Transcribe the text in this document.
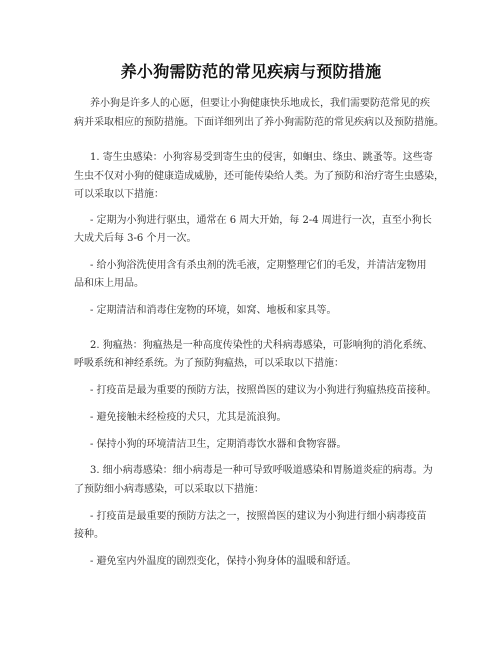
养小狗需防范的常见疾病与预防措施
养小狗是许多人的心愿，但要让小狗健康快乐地成长，我们需要防范常见的疾
病并采取相应的预防措施。下面详细列出了养小狗需防范的常见疾病以及预防措施。
1. 寄生虫感染：小狗容易受到寄生虫的侵害，如蛔虫、绦虫、跳蚤等。这些寄
生虫不仅对小狗的健康造成威胁，还可能传染给人类。为了预防和治疗寄生虫感染，
可以采取以下措施：
- 定期为小狗进行驱虫，通常在 6 周大开始，每 2-4 周进行一次，直至小狗长
大成犬后每 3-6 个月一次。
- 给小狗浴洗使用含有杀虫剂的洗毛液，定期整理它们的毛发，并清洁宠物用
品和床上用品。
- 定期清洁和消毒住宠物的环境，如窝、地板和家具等。
2. 狗瘟热：狗瘟热是一种高度传染性的犬科病毒感染，可影响狗的消化系统、
呼吸系统和神经系统。为了预防狗瘟热，可以采取以下措施：
- 打疫苗是最为重要的预防方法，按照兽医的建议为小狗进行狗瘟热疫苗接种。
- 避免接触未经检疫的犬只，尤其是流浪狗。
- 保持小狗的环境清洁卫生，定期消毒饮水器和食物容器。
3. 细小病毒感染：细小病毒是一种可导致呼吸道感染和胃肠道炎症的病毒。为
了预防细小病毒感染，可以采取以下措施：
- 打疫苗是最重要的预防方法之一，按照兽医的建议为小狗进行细小病毒疫苗
接种。
- 避免室内外温度的剧烈变化，保持小狗身体的温暖和舒适。
